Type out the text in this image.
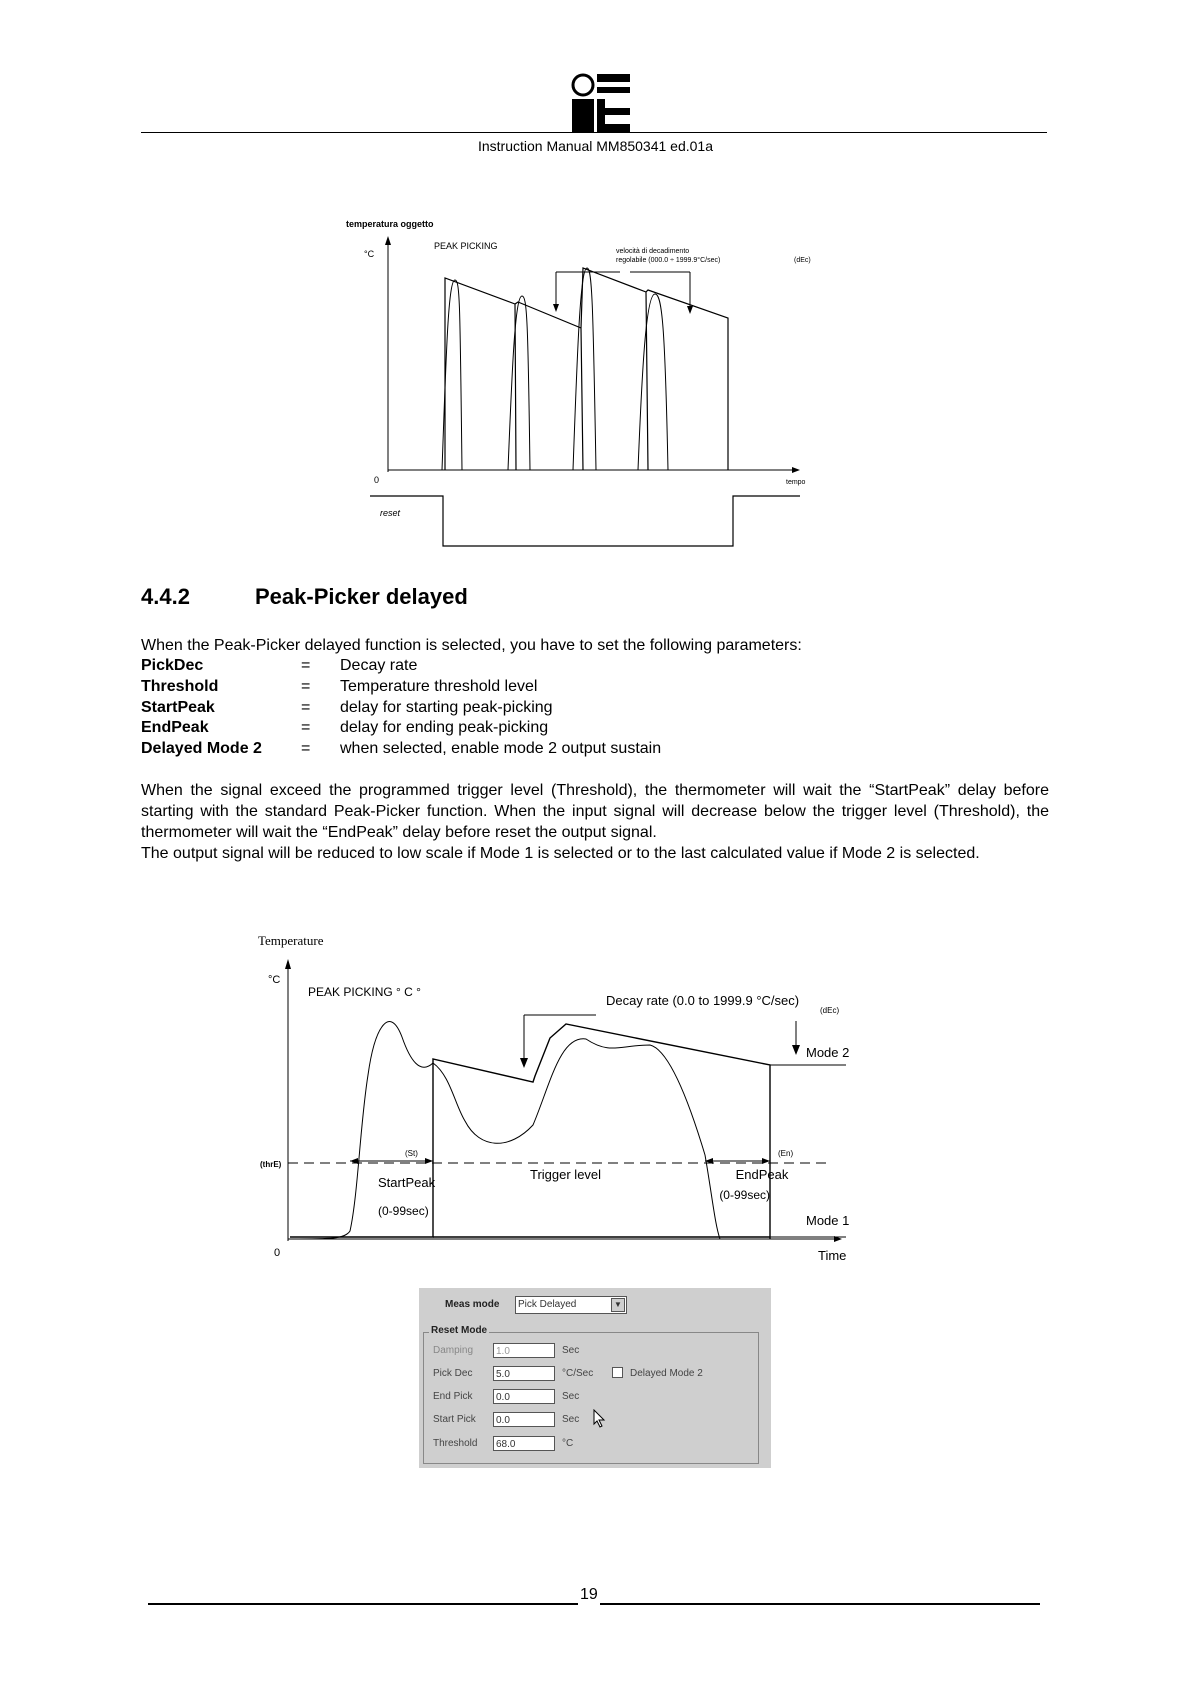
Instruction Manual MM850341 ed.01a
temperatura oggetto
°C
PEAK PICKING
velocità di decadimento
regolabile (000.0 ÷ 1999.9°C/sec)	(dEc)
0	tempo
reset
4.4.2	Peak-Picker delayed
When the Peak-Picker delayed function is selected, you have to set the following parameters:
PickDec	=	Decay rate
Threshold	=	Temperature threshold level
StartPeak	=	delay for starting peak-picking
EndPeak	=	delay for ending peak-picking
Delayed Mode 2	=	when selected, enable mode 2 output sustain

When the signal exceed the programmed trigger level (Threshold), the thermometer will wait the “StartPeak” delay before starting with the standard Peak-Picker function. When the input signal will decrease below the trigger level (Threshold), the thermometer will wait the “EndPeak” delay before reset the output signal.

The output signal will be reduced to low scale if Mode 1 is selected or to the last calculated value if Mode 2 is selected.

Temperature
°C
PEAK PICKING ° C °
Decay rate (0.0 to 1999.9 °C/sec)
(dEc)
0	Time
(thrE)
Mode 2
Mode 1
(St)
StartPeak
(0-99sec)
Trigger level
(En)
EndPeak
(0-99sec)
Meas mode	Pick Delayed	▼
Reset Mode
Damping	1.0	Sec
Pick Dec	5.0	°C/Sec	Delayed Mode 2
End Pick	0.0	Sec
Start Pick	0.0	Sec
Threshold	68.0	°C
19
